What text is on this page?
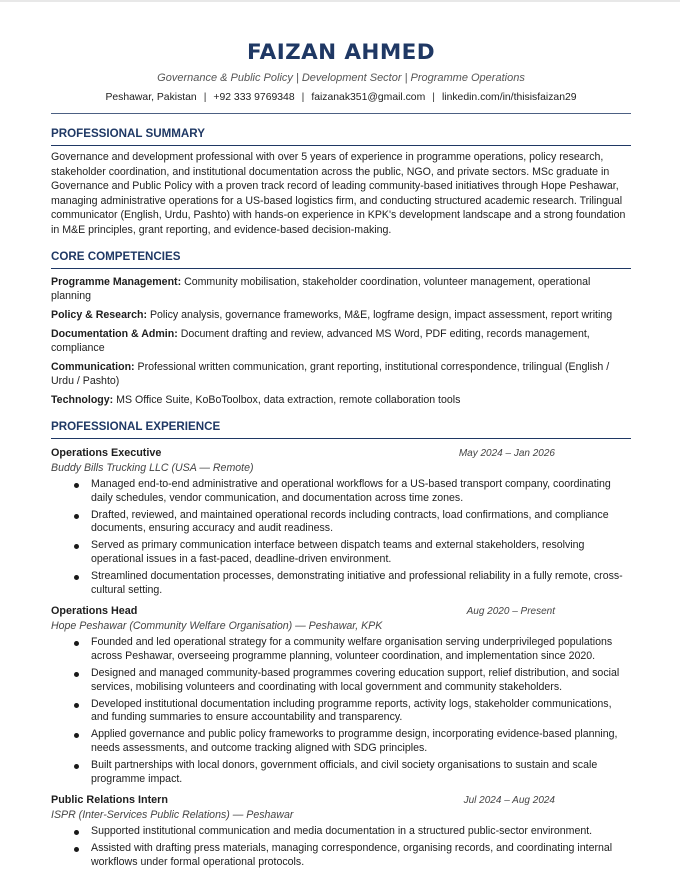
FAIZAN AHMED
Governance & Public Policy | Development Sector | Programme Operations
Peshawar, Pakistan | +92 333 9769348 | faizanak351@gmail.com | linkedin.com/in/thisisfaizan29
PROFESSIONAL SUMMARY
Governance and development professional with over 5 years of experience in programme operations, policy research, stakeholder coordination, and institutional documentation across the public, NGO, and private sectors. MSc graduate in Governance and Public Policy with a proven track record of leading community-based initiatives through Hope Peshawar, managing administrative operations for a US-based logistics firm, and conducting structured academic research. Trilingual communicator (English, Urdu, Pashto) with hands-on experience in KPK's development landscape and a strong foundation in M&E principles, grant reporting, and evidence-based decision-making.
CORE COMPETENCIES
Programme Management: Community mobilisation, stakeholder coordination, volunteer management, operational planning
Policy & Research: Policy analysis, governance frameworks, M&E, logframe design, impact assessment, report writing
Documentation & Admin: Document drafting and review, advanced MS Word, PDF editing, records management, compliance
Communication: Professional written communication, grant reporting, institutional correspondence, trilingual (English / Urdu / Pashto)
Technology: MS Office Suite, KoBoToolbox, data extraction, remote collaboration tools
PROFESSIONAL EXPERIENCE
Operations Executive	May 2024 – Jan 2026
Buddy Bills Trucking LLC (USA — Remote)
Managed end-to-end administrative and operational workflows for a US-based transport company, coordinating daily schedules, vendor communication, and documentation across time zones.
Drafted, reviewed, and maintained operational records including contracts, load confirmations, and compliance documents, ensuring accuracy and audit readiness.
Served as primary communication interface between dispatch teams and external stakeholders, resolving operational issues in a fast-paced, deadline-driven environment.
Streamlined documentation processes, demonstrating initiative and professional reliability in a fully remote, cross-cultural setting.
Operations Head	Aug 2020 – Present
Hope Peshawar (Community Welfare Organisation) — Peshawar, KPK
Founded and led operational strategy for a community welfare organisation serving underprivileged populations across Peshawar, overseeing programme planning, volunteer coordination, and implementation since 2020.
Designed and managed community-based programmes covering education support, relief distribution, and social services, mobilising volunteers and coordinating with local government and community stakeholders.
Developed institutional documentation including programme reports, activity logs, stakeholder communications, and funding summaries to ensure accountability and transparency.
Applied governance and public policy frameworks to programme design, incorporating evidence-based planning, needs assessments, and outcome tracking aligned with SDG principles.
Built partnerships with local donors, government officials, and civil society organisations to sustain and scale programme impact.
Public Relations Intern	Jul 2024 – Aug 2024
ISPR (Inter-Services Public Relations) — Peshawar
Supported institutional communication and media documentation in a structured public-sector environment.
Assisted with drafting press materials, managing correspondence, organising records, and coordinating internal workflows under formal operational protocols.
